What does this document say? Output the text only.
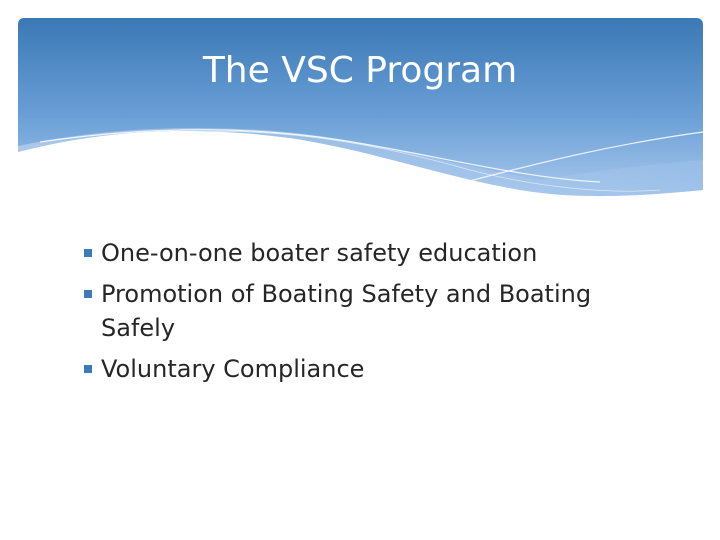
The VSC Program
One-on-one boater safety education
Promotion of Boating Safety and Boating Safely
Voluntary Compliance
